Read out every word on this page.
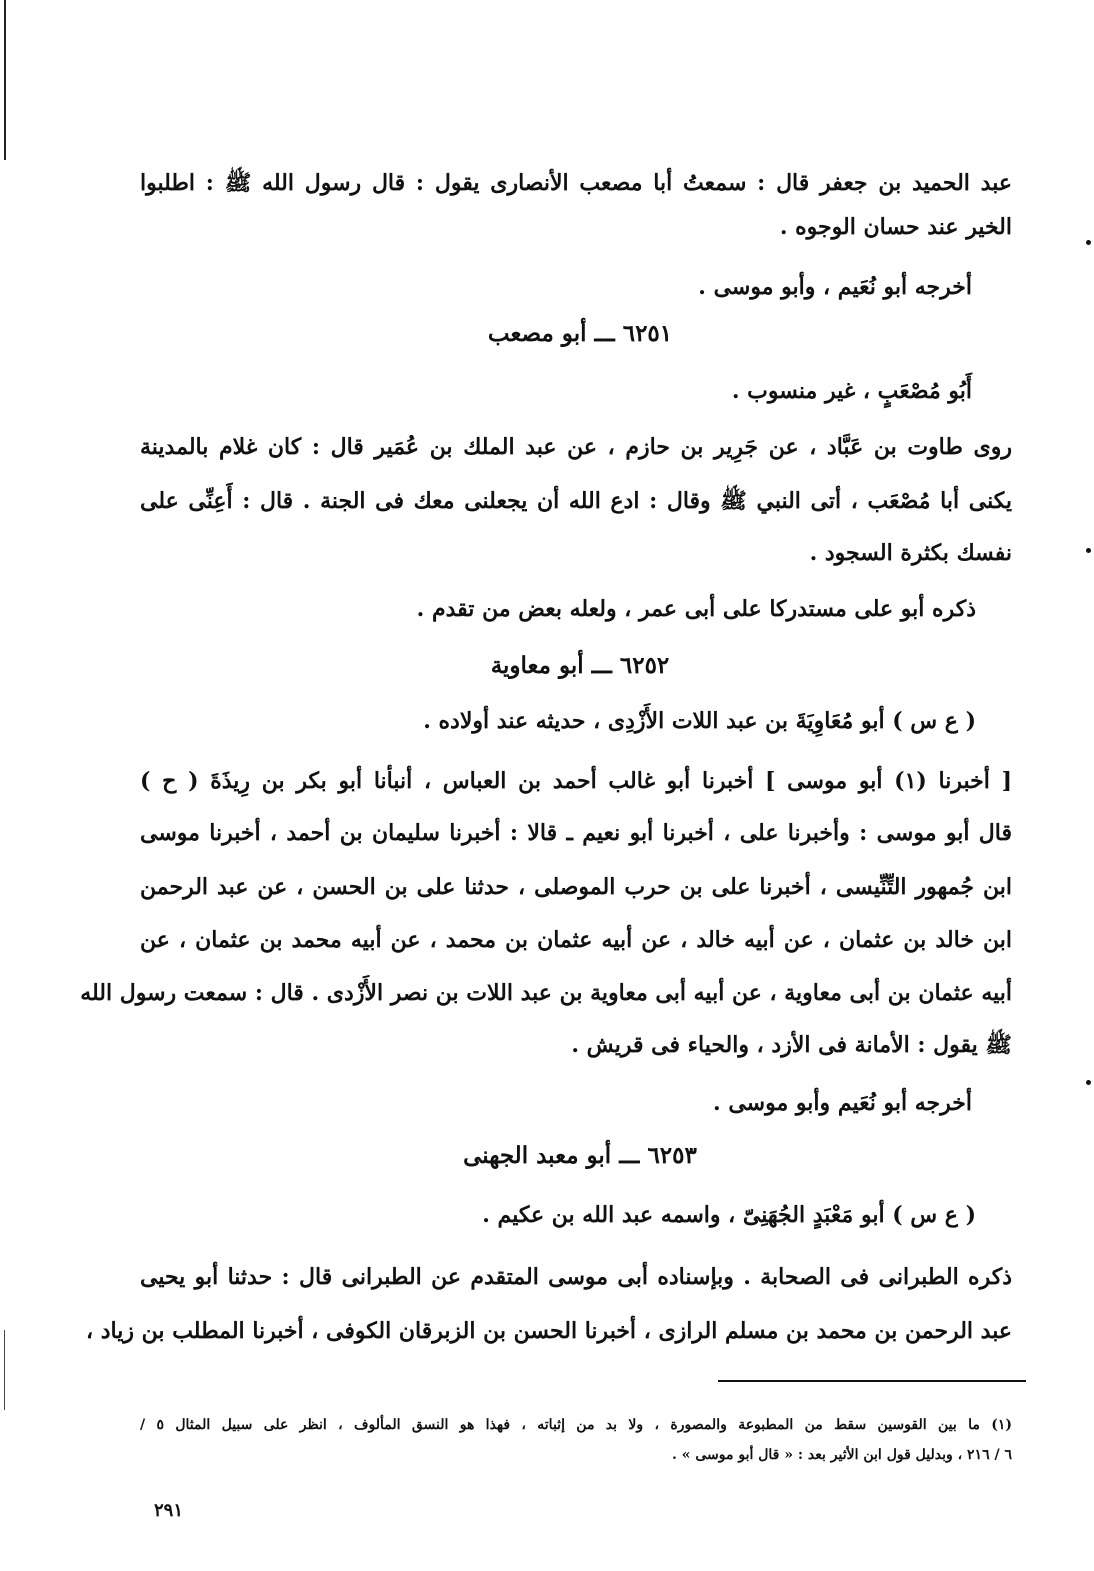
عبد الحميد بن جعفر قال : سمعتُ أبا مصعب الأنصارى يقول : قال رسول الله ﷺ : اطلبوا
الخير عند حسان الوجوه .
أخرجه أبو نُعَيم ، وأبو موسى .
٦٢٥١ ـــ أبو مصعب
أَبُو مُصْعَبٍ ، غير منسوب .
روى طاوت بن عَبَّاد ، عن جَرِير بن حازم ، عن عبد الملك بن عُمَير قال : كان غلام بالمدينة
يكنى أبا مُصْعَب ، أتى النبي ﷺ وقال : ادع الله أن يجعلنى معك فى الجنة . قال : أَعِنِّى على
نفسك بكثرة السجود .
ذكره أبو على مستدركا على أبى عمر ، ولعله بعض من تقدم .
٦٢٥٢ ـــ أبو معاوية
( ع س ) أبو مُعَاوِيَةَ بن عبد اللات الأَزْدِى ، حديثه عند أولاده .
[ أخبرنا (١) أبو موسى ] أخبرنا أبو غالب أحمد بن العباس ، أنبأنا أبو بكر بن رِيذَةَ ( ح )
قال أبو موسى : وأخبرنا على ، أخبرنا أبو نعيم ـ قالا : أخبرنا سليمان بن أحمد ، أخبرنا موسى
ابن جُمهور التِّنِّيسى ، أخبرنا على بن حرب الموصلى ، حدثنا على بن الحسن ، عن عبد الرحمن
ابن خالد بن عثمان ، عن أبيه خالد ، عن أبيه عثمان بن محمد ، عن أبيه محمد بن عثمان ، عن
أبيه عثمان بن أبى معاوية ، عن أبيه أبى معاوية بن عبد اللات بن نصر الأَزْدى . قال : سمعت رسول الله
ﷺ يقول : الأمانة فى الأزد ، والحياء فى قريش .
أخرجه أبو نُعَيم وأبو موسى .
٦٢٥٣ ـــ أبو معبد الجهنى
( ع س ) أبو مَعْبَدٍ الجُهَنِىّ ، واسمه عبد الله بن عكيم .
ذكره الطبرانى فى الصحابة . وبإسناده أبى موسى المتقدم عن الطبرانى قال : حدثنا أبو يحيى
عبد الرحمن بن محمد بن مسلم الرازى ، أخبرنا الحسن بن الزبرقان الكوفى ، أخبرنا المطلب بن زياد ،
(١) ما بين القوسين سقط من المطبوعة والمصورة ، ولا بد من إثباته ، فهذا هو النسق المألوف ، انظر على سبيل المثال ٥ /
٦ / ٢١٦ ، وبدليل قول ابن الأثير بعد : « قال أبو موسى » .
٢٩١
